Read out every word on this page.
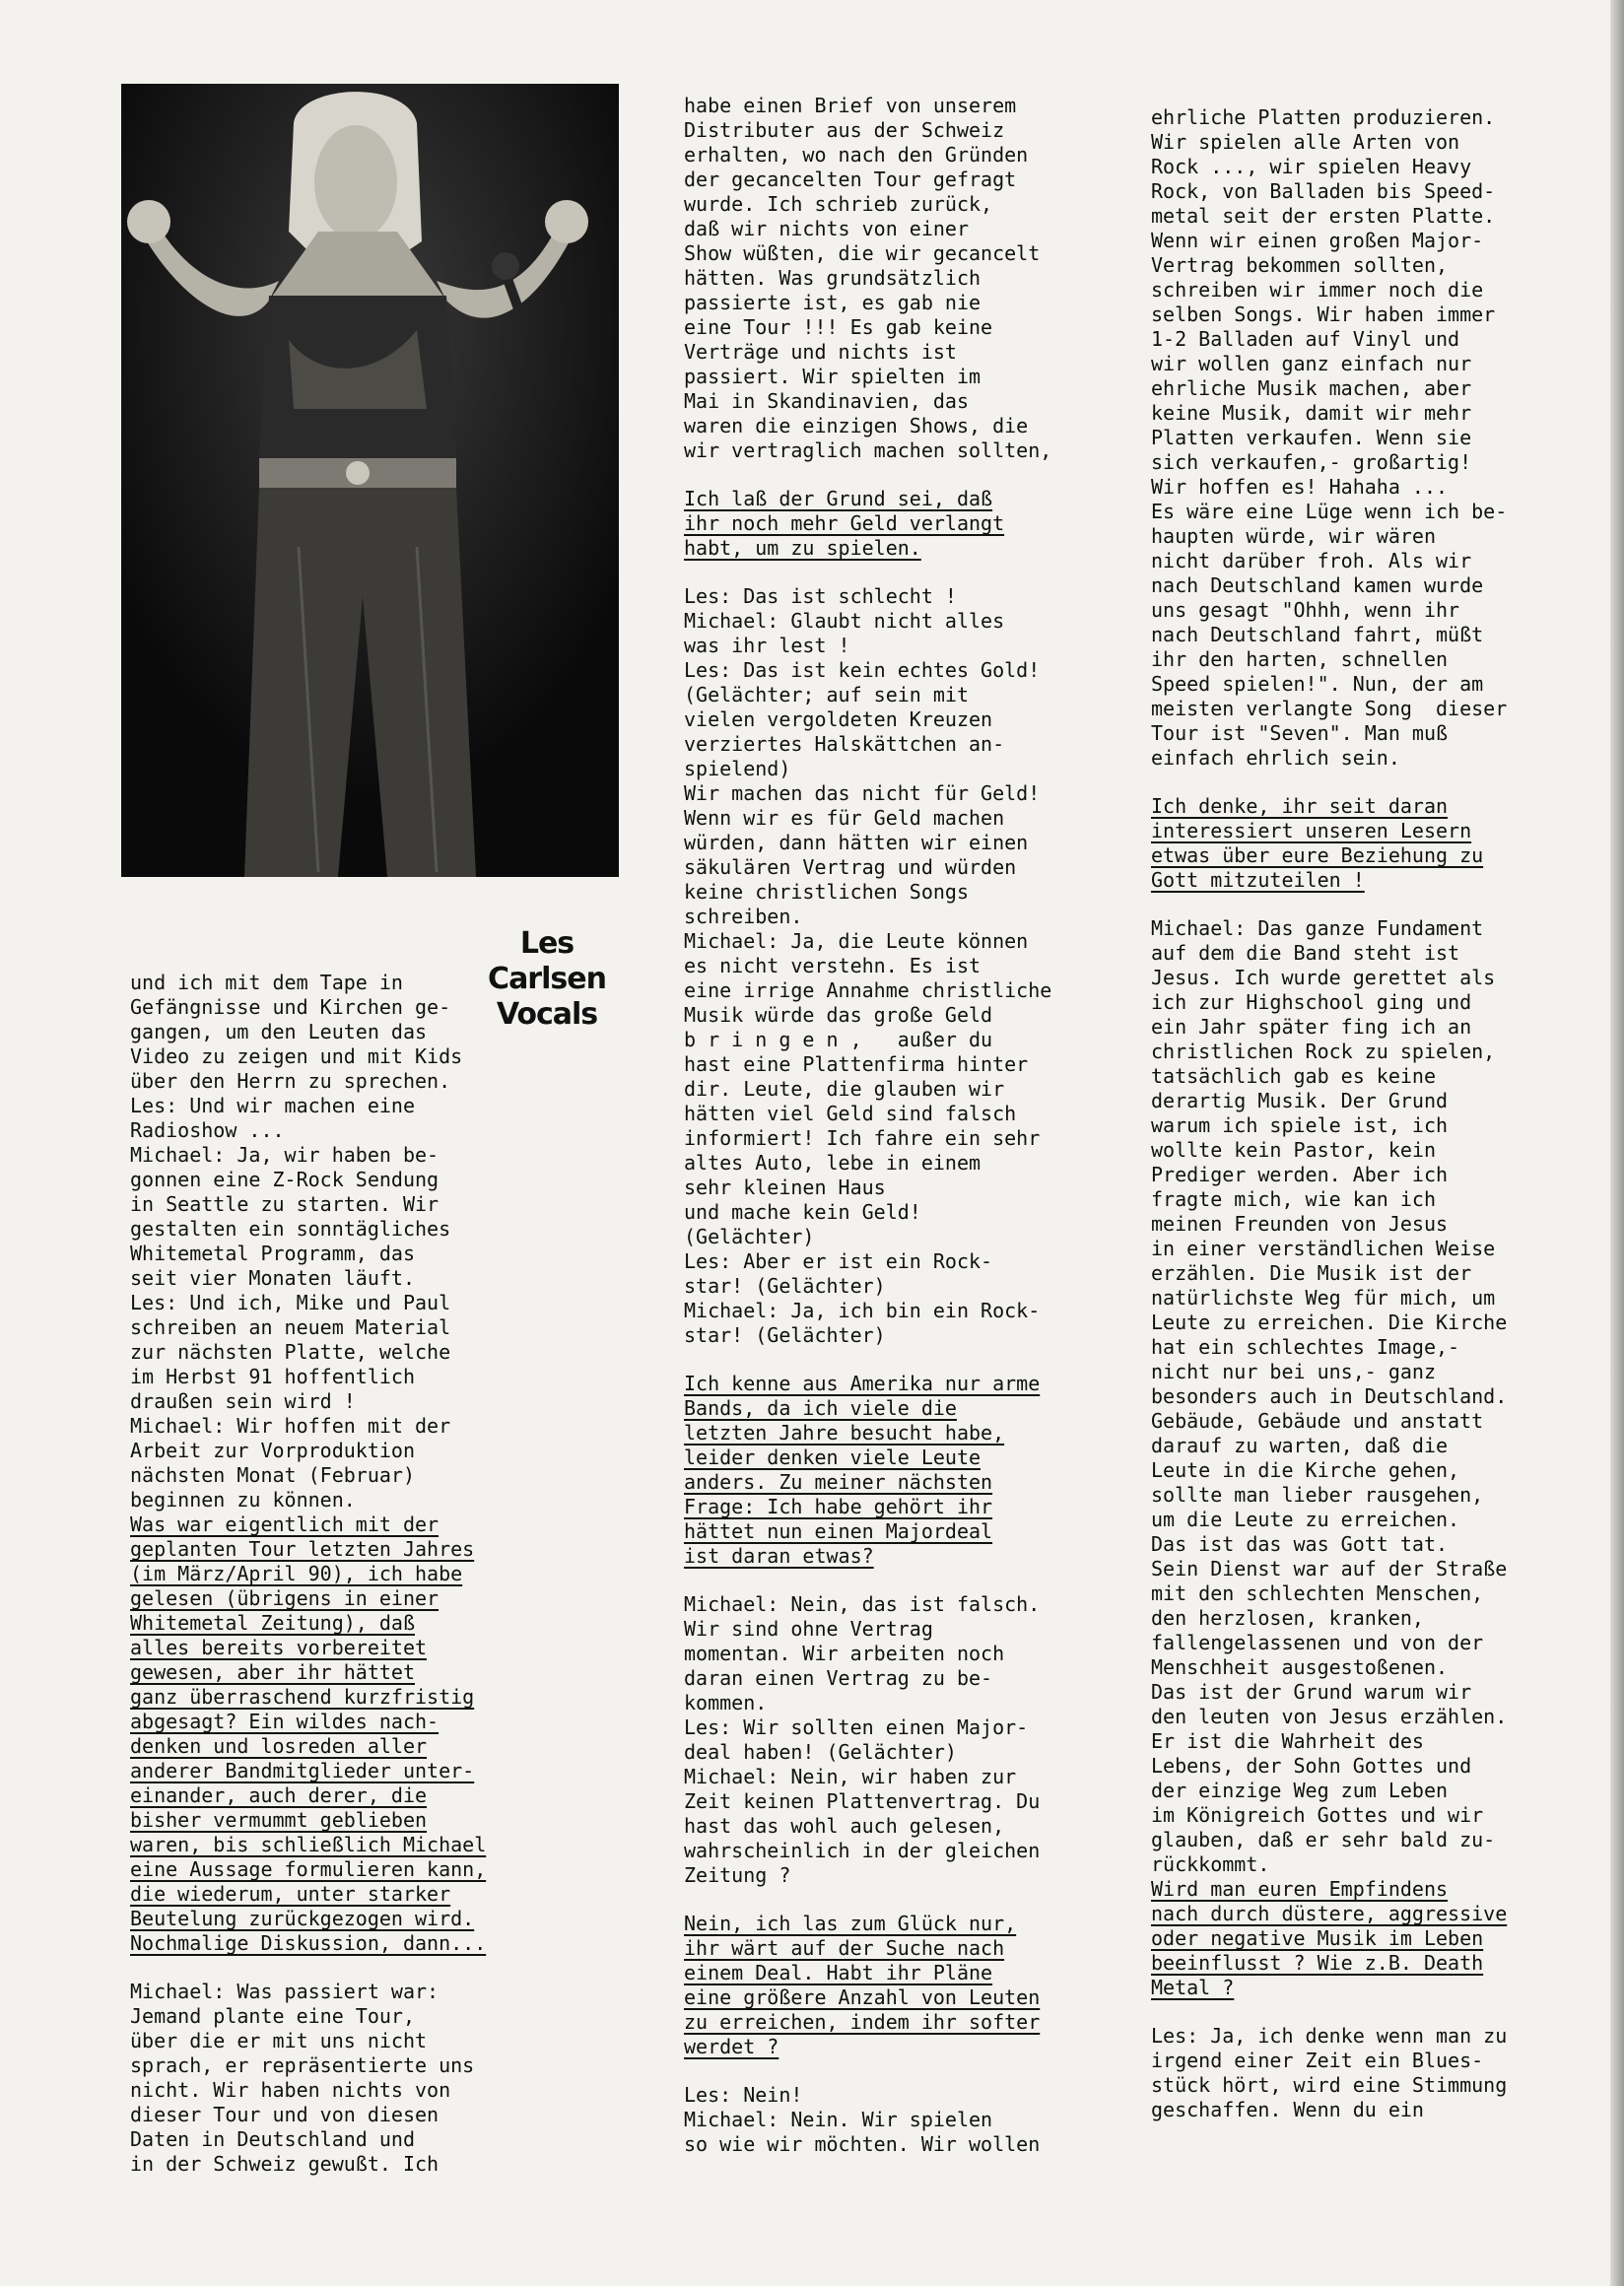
Les Carlsen
Vocals

und ich mit dem Tape in
Gefängnisse und Kirchen ge-
gangen, um den Leuten das
Video zu zeigen und mit Kids
über den Herrn zu sprechen.
Les: Und wir machen eine
Radioshow ...
Michael: Ja, wir haben be-
gonnen eine Z-Rock Sendung
in Seattle zu starten. Wir
gestalten ein sonntägliches
Whitemetal Programm, das
seit vier Monaten läuft.
Les: Und ich, Mike und Paul
schreiben an neuem Material
zur nächsten Platte, welche
im Herbst 91 hoffentlich
draußen sein wird !
Michael: Wir hoffen mit der
Arbeit zur Vorproduktion
nächsten Monat (Februar)
beginnen zu können.

Was war eigentlich mit der
geplanten Tour letzten Jahres
(im März/April 90), ich habe
gelesen (übrigens in einer
Whitemetal Zeitung), daß
alles bereits vorbereitet
gewesen, aber ihr hättet
ganz überraschend kurzfristig
abgesagt? Ein wildes nach-
denken und losreden aller
anderer Bandmitglieder unter-
einander, auch derer, die
bisher vermummt geblieben
waren, bis schließlich Michael
eine Aussage formulieren kann,
die wiederum, unter starker
Beutelung zurückgezogen wird.
Nochmalige Diskussion, dann...

Michael: Was passiert war:
Jemand plante eine Tour,
über die er mit uns nicht
sprach, er repräsentierte uns
nicht. Wir haben nichts von
dieser Tour und von diesen
Daten in Deutschland und
in der Schweiz gewußt. Ich

habe einen Brief von unserem
Distributer aus der Schweiz
erhalten, wo nach den Gründen
der gecancelten Tour gefragt
wurde. Ich schrieb zurück,
daß wir nichts von einer
Show wüßten, die wir gecancelt
hätten. Was grundsätzlich
passierte ist, es gab nie
eine Tour !!! Es gab keine
Verträge und nichts ist
passiert. Wir spielten im
Mai in Skandinavien, das
waren die einzigen Shows, die
wir vertraglich machen sollten,

Ich laß der Grund sei, daß
ihr noch mehr Geld verlangt
habt, um zu spielen.

Les: Das ist schlecht !
Michael: Glaubt nicht alles
was ihr lest !
Les: Das ist kein echtes Gold!
(Gelächter; auf sein mit
vielen vergoldeten Kreuzen
verziertes Halskättchen an-
spielend)
Wir machen das nicht für Geld!
Wenn wir es für Geld machen
würden, dann hätten wir einen
säkulären Vertrag und würden
keine christlichen Songs
schreiben.
Michael: Ja, die Leute können
es nicht verstehn. Es ist
eine irrige Annahme christliche
Musik würde das große Geld
b r i n g e n ,   außer du
hast eine Plattenfirma hinter
dir. Leute, die glauben wir
hätten viel Geld sind falsch
informiert! Ich fahre ein sehr
altes Auto, lebe in einem
sehr kleinen Haus
und mache kein Geld!
(Gelächter)
Les: Aber er ist ein Rock-
star! (Gelächter)
Michael: Ja, ich bin ein Rock-
star! (Gelächter)

Ich kenne aus Amerika nur arme
Bands, da ich viele die
letzten Jahre besucht habe,
leider denken viele Leute
anders. Zu meiner nächsten
Frage: Ich habe gehört ihr
hättet nun einen Majordeal
ist daran etwas?

Michael: Nein, das ist falsch.
Wir sind ohne Vertrag
momentan. Wir arbeiten noch
daran einen Vertrag zu be-
kommen.
Les: Wir sollten einen Major-
deal haben! (Gelächter)
Michael: Nein, wir haben zur
Zeit keinen Plattenvertrag. Du
hast das wohl auch gelesen,
wahrscheinlich in der gleichen
Zeitung ?

Nein, ich las zum Glück nur,
ihr wärt auf der Suche nach
einem Deal. Habt ihr Pläne
eine größere Anzahl von Leuten
zu erreichen, indem ihr softer
werdet ?

Les: Nein!
Michael: Nein. Wir spielen
so wie wir möchten. Wir wollen

ehrliche Platten produzieren.
Wir spielen alle Arten von
Rock ..., wir spielen Heavy
Rock, von Balladen bis Speed-
metal seit der ersten Platte.
Wenn wir einen großen Major-
Vertrag bekommen sollten,
schreiben wir immer noch die
selben Songs. Wir haben immer
1-2 Balladen auf Vinyl und
wir wollen ganz einfach nur
ehrliche Musik machen, aber
keine Musik, damit wir mehr
Platten verkaufen. Wenn sie
sich verkaufen,- großartig!
Wir hoffen es! Hahaha ...
Es wäre eine Lüge wenn ich be-
haupten würde, wir wären
nicht darüber froh. Als wir
nach Deutschland kamen wurde
uns gesagt "Ohhh, wenn ihr
nach Deutschland fahrt, müßt
ihr den harten, schnellen
Speed spielen!". Nun, der am
meisten verlangte Song  dieser
Tour ist "Seven". Man muß
einfach ehrlich sein.

Ich denke, ihr seit daran
interessiert unseren Lesern
etwas über eure Beziehung zu
Gott mitzuteilen !

Michael: Das ganze Fundament
auf dem die Band steht ist
Jesus. Ich wurde gerettet als
ich zur Highschool ging und
ein Jahr später fing ich an
christlichen Rock zu spielen,
tatsächlich gab es keine
derartig Musik. Der Grund
warum ich spiele ist, ich
wollte kein Pastor, kein
Prediger werden. Aber ich
fragte mich, wie kan ich
meinen Freunden von Jesus
in einer verständlichen Weise
erzählen. Die Musik ist der
natürlichste Weg für mich, um
Leute zu erreichen. Die Kirche
hat ein schlechtes Image,-
nicht nur bei uns,- ganz
besonders auch in Deutschland.
Gebäude, Gebäude und anstatt
darauf zu warten, daß die
Leute in die Kirche gehen,
sollte man lieber rausgehen,
um die Leute zu erreichen.
Das ist das was Gott tat.
Sein Dienst war auf der Straße
mit den schlechten Menschen,
den herzlosen, kranken,
fallengelassenen und von der
Menschheit ausgestoßenen.
Das ist der Grund warum wir
den leuten von Jesus erzählen.
Er ist die Wahrheit des
Lebens, der Sohn Gottes und
der einzige Weg zum Leben
im Königreich Gottes und wir
glauben, daß er sehr bald zu-
rückkommt.

Wird man euren Empfindens
nach durch düstere, aggressive
oder negative Musik im Leben
beeinflusst ? Wie z.B. Death
Metal ?

Les: Ja, ich denke wenn man zu
irgend einer Zeit ein Blues-
stück hört, wird eine Stimmung
geschaffen. Wenn du ein
